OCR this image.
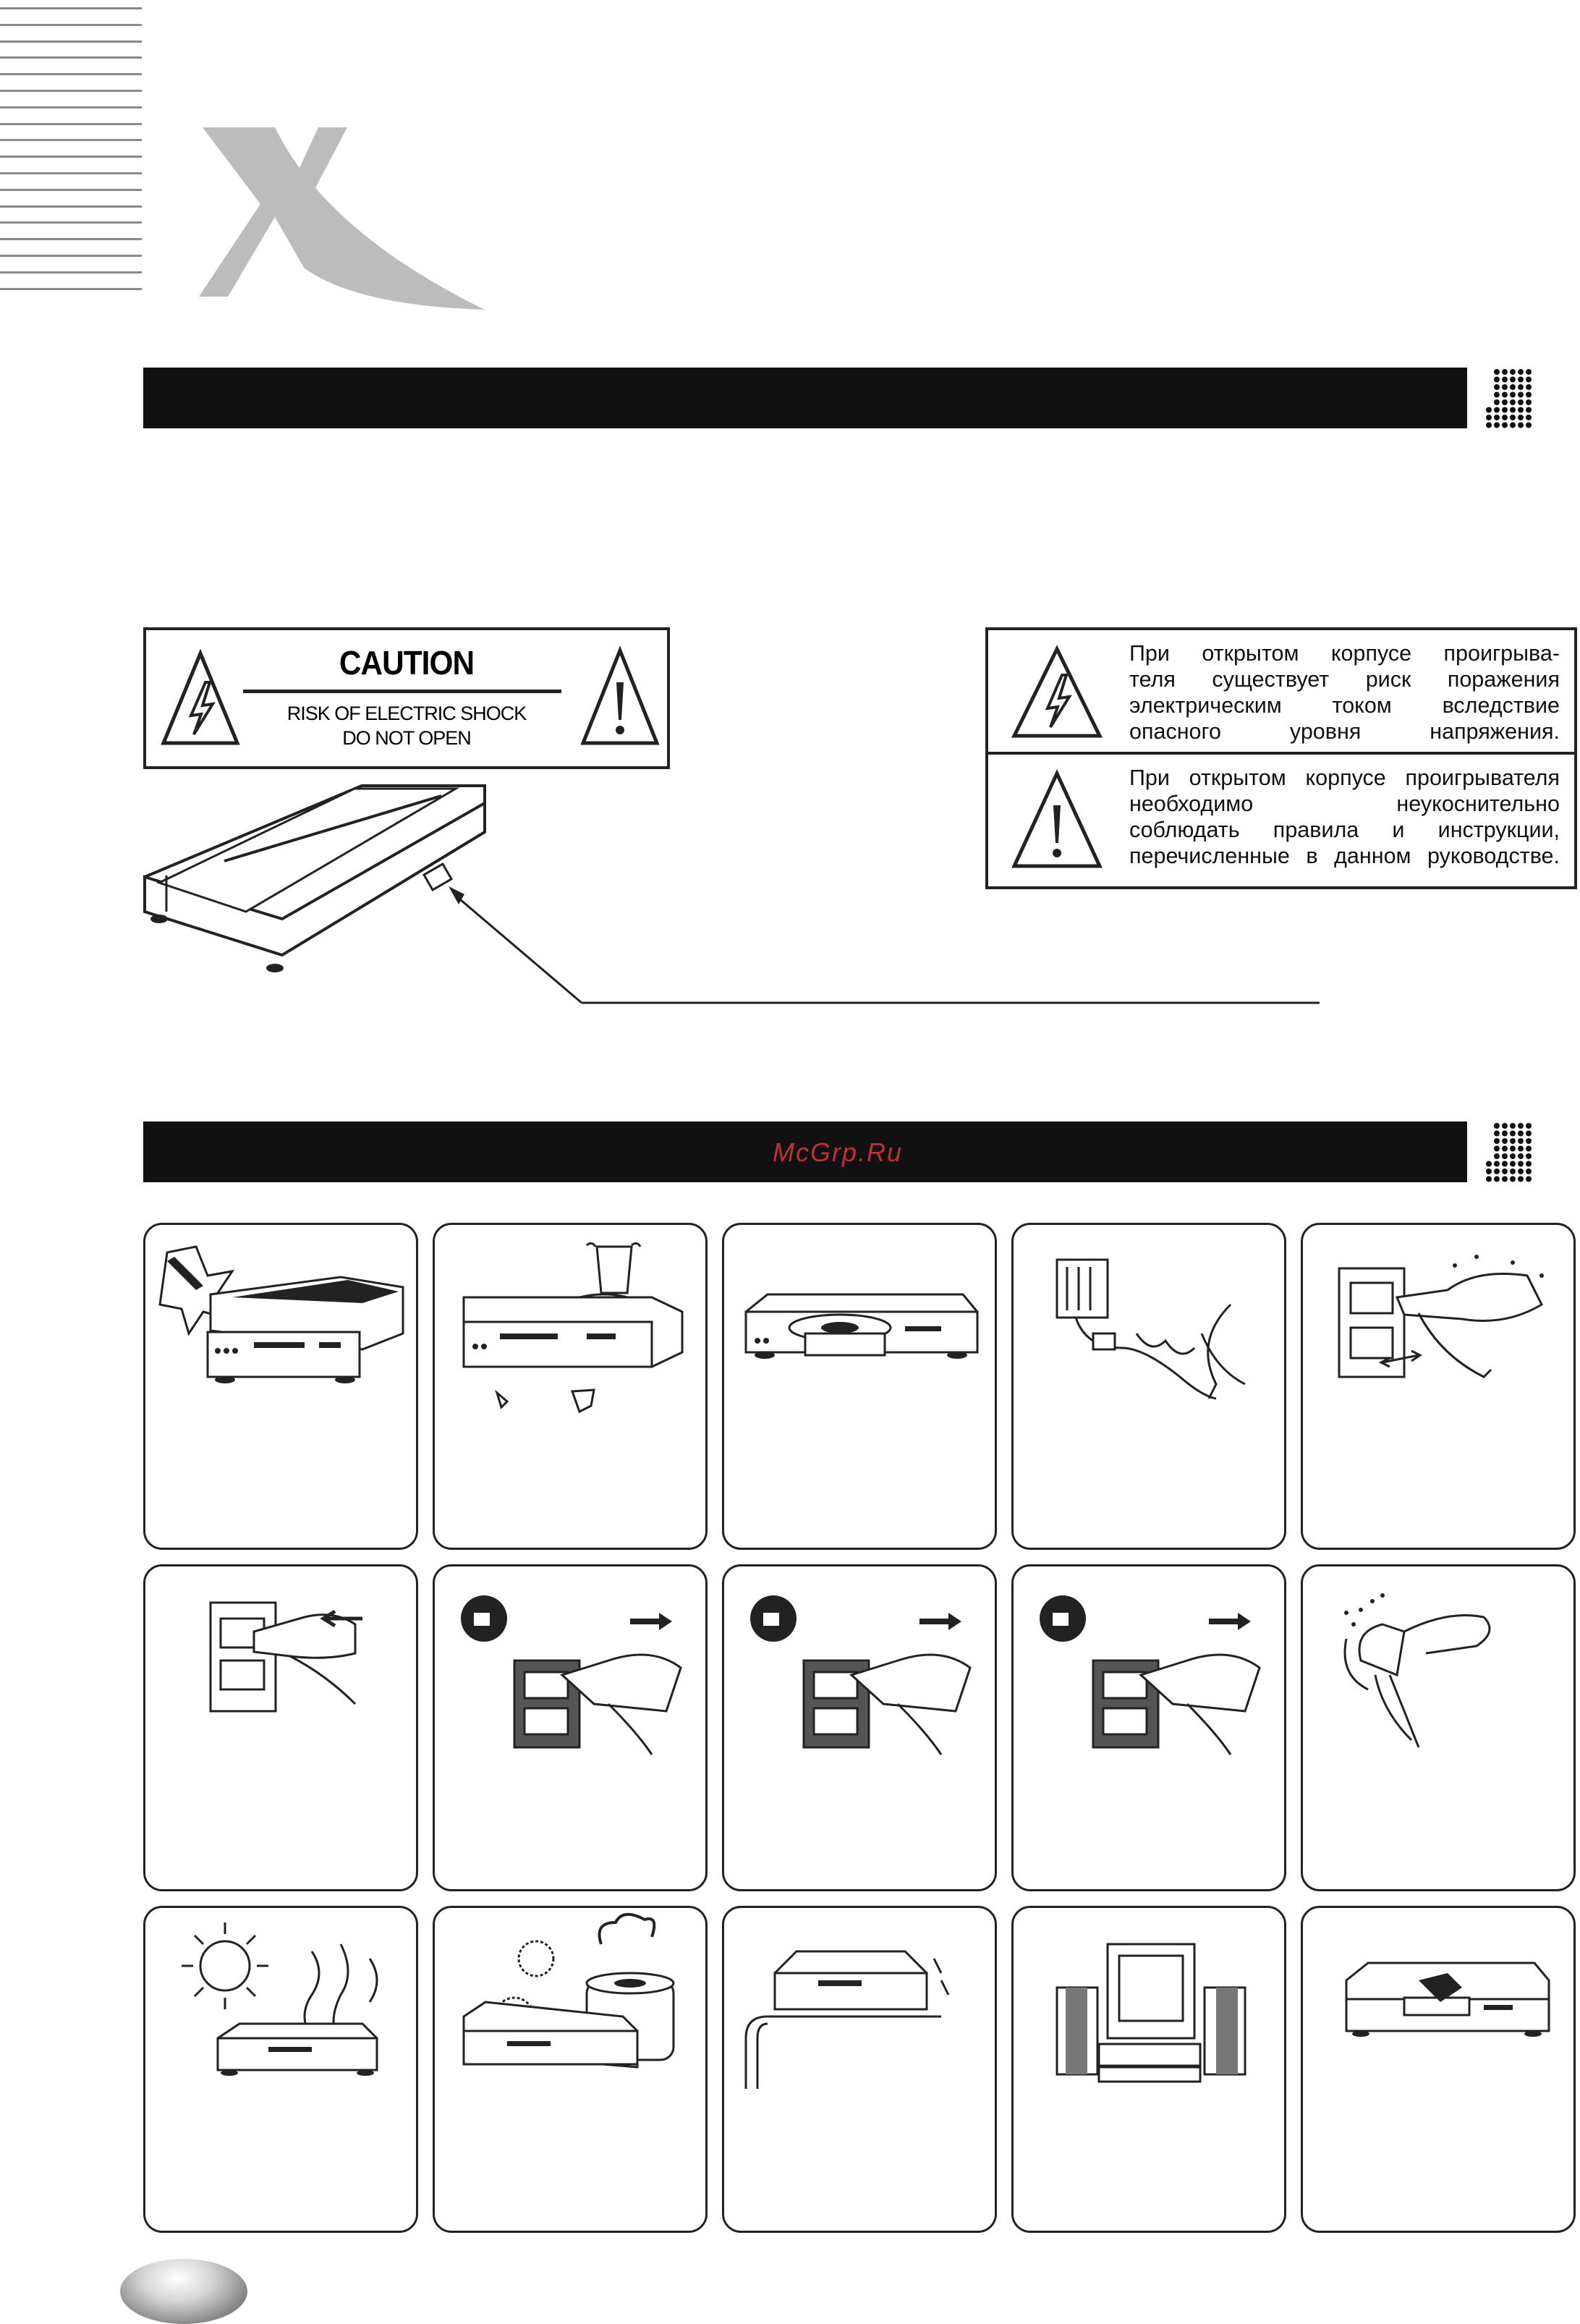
CAUTION
RISK OF ELECTRIC SHOCK
DO NOT OPEN
При открытом корпусе проигрыва-
теля существует риск поражения
электрическим током вследствие
опасного уровня напряжения.
При открытом корпусе проигрывателя
необходимо неукоснительно
соблюдать правила и инструкции,
перечисленные в данном руководстве.
McGrp.Ru
